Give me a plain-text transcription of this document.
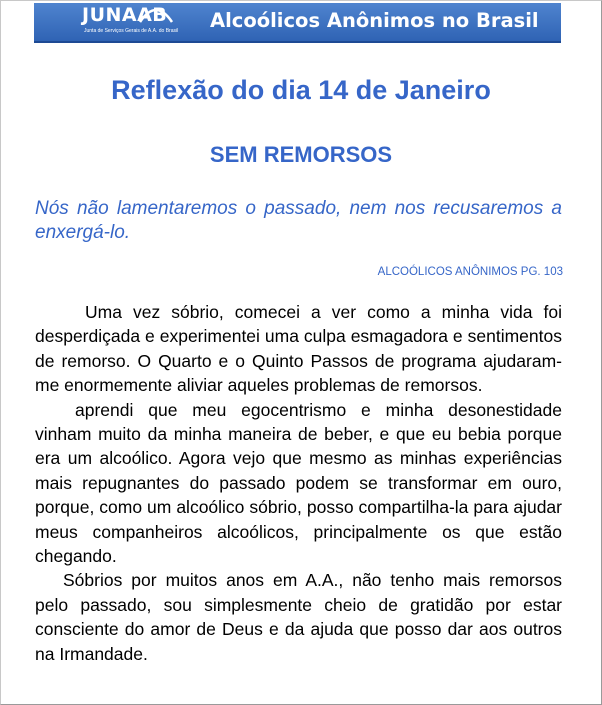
JUNAAB
Junta de Serviços Gerais de A.A. do Brasil Alcoólicos Anônimos no Brasil
Reflexão do dia 14 de Janeiro
SEM REMORSOS

Nós não lamentaremos o passado, nem nos recusaremos a enxergá-lo.

ALCOÓLICOS ANÔNIMOS PG. 103

Uma vez sóbrio, comecei a ver como a minha vida foi desperdiçada e experimentei uma culpa esmagadora e sentimentos de remorso. O Quarto e o Quinto Passos de programa ajudaram-me enormemente aliviar aqueles problemas de remorsos.

aprendi que meu egocentrismo e minha desonestidade vinham muito da minha maneira de beber, e que eu bebia porque era um alcoólico. Agora vejo que mesmo as minhas experiências mais repugnantes do passado podem se transformar em ouro, porque, como um alcoólico sóbrio, posso compartilha-la para ajudar meus companheiros alcoólicos, principalmente os que estão chegando.

Sóbrios por muitos anos em A.A., não tenho mais remorsos pelo passado, sou simplesmente cheio de gratidão por estar consciente do amor de Deus e da ajuda que posso dar aos outros na Irmandade.
